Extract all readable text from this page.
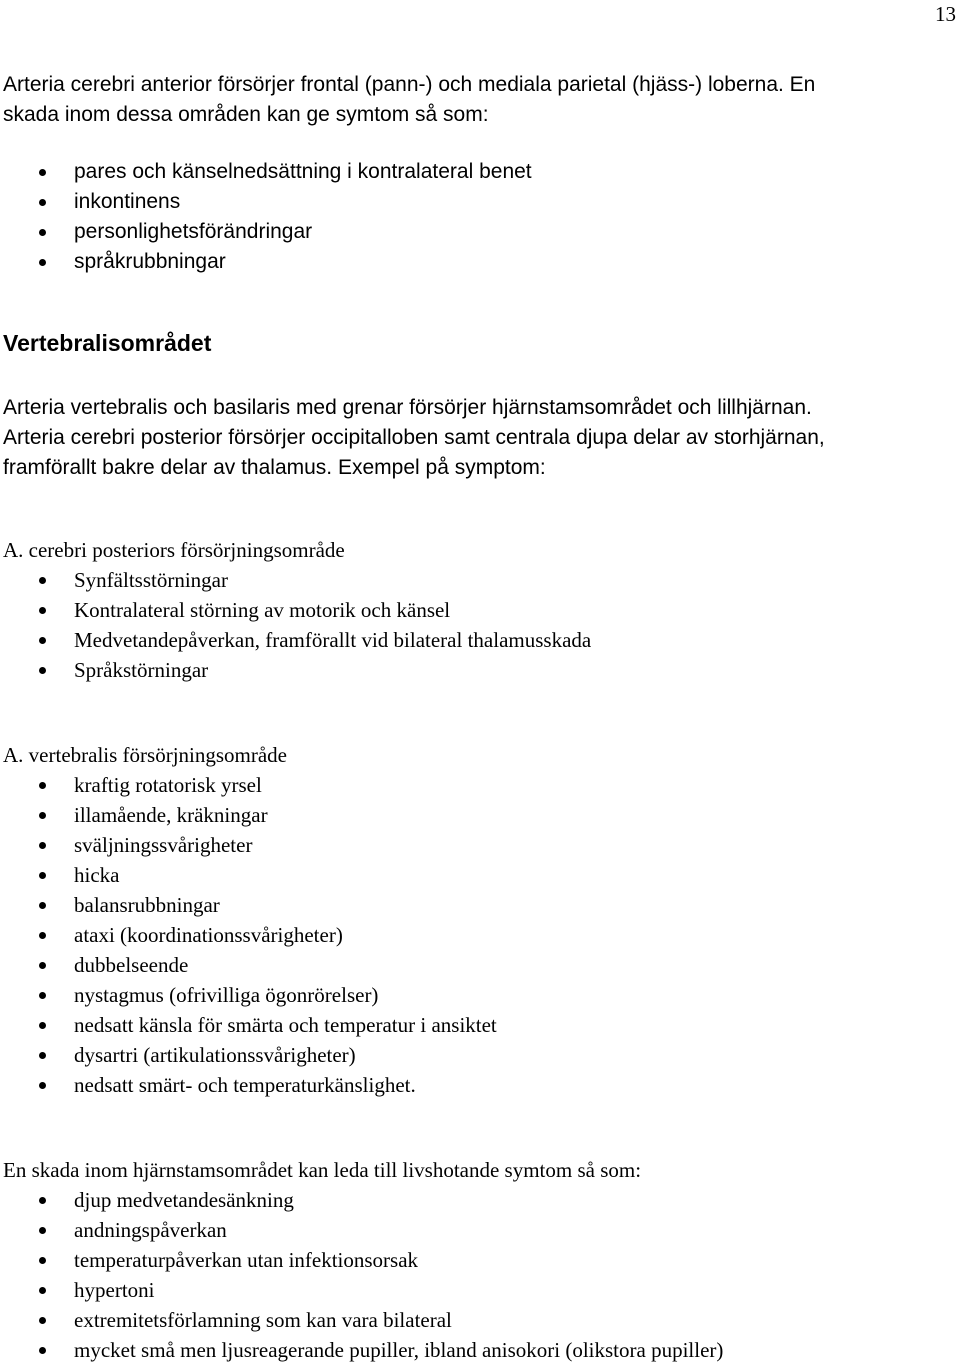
13

Arteria cerebri anterior försörjer frontal (pann-) och mediala parietal (hjäss-) loberna. En

skada inom dessa områden kan ge symtom så som:

pares och känselnedsättning i kontralateral benet
inkontinens
personlighetsförändringar
språkrubbningar
Vertebralisområdet

Arteria vertebralis och basilaris med grenar försörjer hjärnstamsområdet och lillhjärnan.

Arteria cerebri posterior försörjer occipitalloben samt centrala djupa delar av storhjärnan,

framförallt bakre delar av thalamus. Exempel på symptom:

A. cerebri posteriors försörjningsområde

Synfältsstörningar
Kontralateral störning av motorik och känsel
Medvetandepåverkan, framförallt vid bilateral thalamusskada
Språkstörningar

A. vertebralis försörjningsområde

kraftig rotatorisk yrsel
illamående, kräkningar
sväljningssvårigheter
hicka
balansrubbningar
ataxi (koordinationssvårigheter)
dubbelseende
nystagmus (ofrivilliga ögonrörelser)
nedsatt känsla för smärta och temperatur i ansiktet
dysartri (artikulationssvårigheter)
nedsatt smärt- och temperaturkänslighet.

En skada inom hjärnstamsområdet kan leda till livshotande symtom så som:

djup medvetandesänkning
andningspåverkan
temperaturpåverkan utan infektionsorsak
hypertoni
extremitetsförlamning som kan vara bilateral
mycket små men ljusreagerande pupiller, ibland anisokori (olikstora pupiller)
